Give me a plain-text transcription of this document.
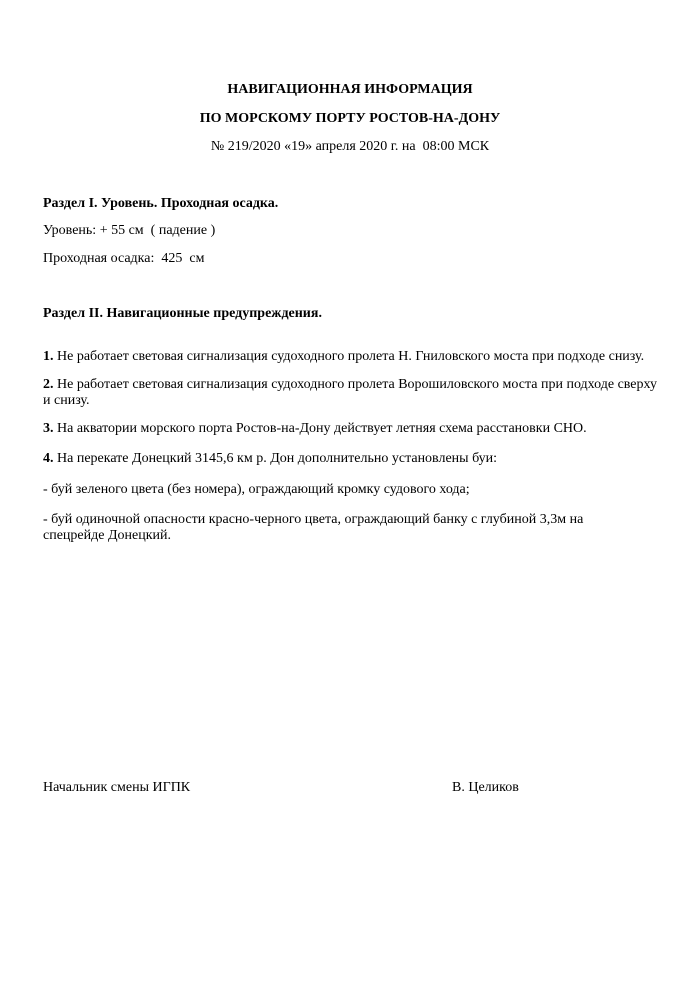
НАВИГАЦИОННАЯ ИНФОРМАЦИЯ
ПО МОРСКОМУ ПОРТУ РОСТОВ-НА-ДОНУ
№ 219/2020 «19» апреля 2020 г. на  08:00 МСК
Раздел I. Уровень. Проходная осадка.
Уровень: + 55 см  ( падение )
Проходная осадка:  425  см
Раздел II. Навигационные предупреждения.
1. Не работает световая сигнализация судоходного пролета Н. Гниловского моста при подходе снизу.
2. Не работает световая сигнализация судоходного пролета Ворошиловского моста при подходе сверху и снизу.
3. На акватории морского порта Ростов-на-Дону действует летняя схема расстановки СНО.
4. На перекате Донецкий 3145,6 км р. Дон дополнительно установлены буи:
- буй зеленого цвета (без номера), ограждающий кромку судового хода;
- буй одиночной опасности красно-черного цвета, ограждающий банку с глубиной 3,3м на спецрейде Донецкий.
Начальник смены ИГПК	В. Целиков
